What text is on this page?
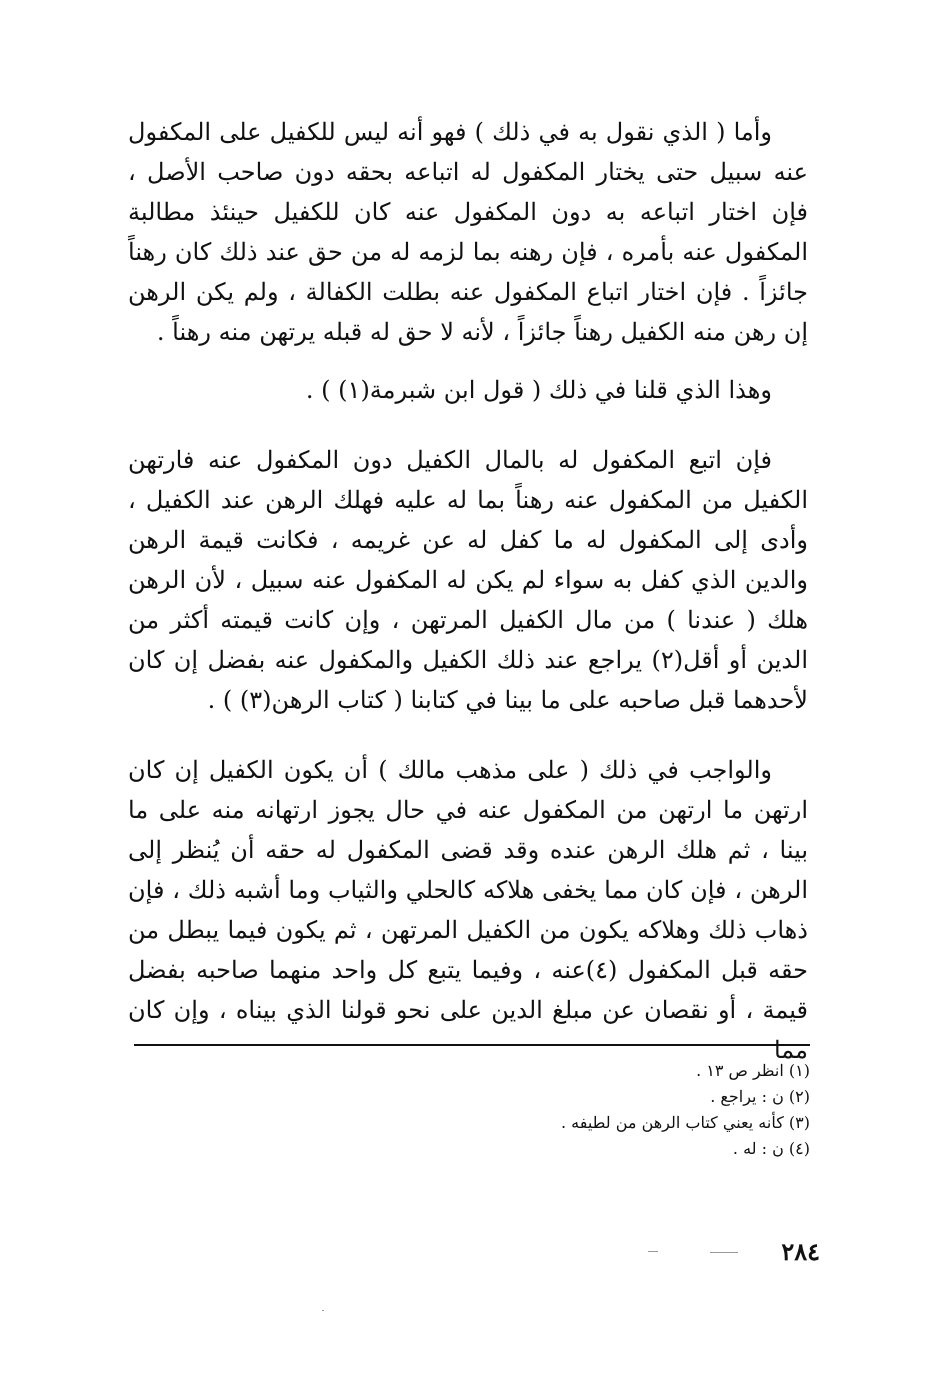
وأما ( الذي نقول به في ذلك ) فهو أنه ليس للكفيل على المكفول عنه سبيل حتى يختار المكفول له اتباعه بحقه دون صاحب الأصل ، فإن اختار اتباعه به دون المكفول عنه كان للكفيل حينئذ مطالبة المكفول عنه بأمره ، فإن رهنه بما لزمه له من حق عند ذلك كان رهناً جائزاً . فإن اختار اتباع المكفول عنه بطلت الكفالة ، ولم يكن الرهن إن رهن منه الكفيل رهناً جائزاً ، لأنه لا حق له قبله يرتهن منه رهناً .

وهذا الذي قلنا في ذلك ( قول ابن شبرمة(١) ) .

فإن اتبع المكفول له بالمال الكفيل دون المكفول عنه فارتهن الكفيل من المكفول عنه رهناً بما له عليه فهلك الرهن عند الكفيل ، وأدى إلى المكفول له ما كفل له عن غريمه ، فكانت قيمة الرهن والدين الذي كفل به سواء لم يكن له المكفول عنه سبيل ، لأن الرهن هلك ( عندنا ) من مال الكفيل المرتهن ، وإن كانت قيمته أكثر من الدين أو أقل(٢) يراجع عند ذلك الكفيل والمكفول عنه بفضل إن كان لأحدهما قبل صاحبه على ما بينا في كتابنا ( كتاب الرهن(٣) ) .

والواجب في ذلك ( على مذهب مالك ) أن يكون الكفيل إن كان ارتهن ما ارتهن من المكفول عنه في حال يجوز ارتهانه منه على ما بينا ، ثم هلك الرهن عنده وقد قضى المكفول له حقه أن يُنظر إلى الرهن ، فإن كان مما يخفى هلاكه كالحلي والثياب وما أشبه ذلك ، فإن ذهاب ذلك وهلاكه يكون من الكفيل المرتهن ، ثم يكون فيما يبطل من حقه قبل المكفول (٤)عنه ، وفيما يتبع كل واحد منهما صاحبه بفضل قيمة ، أو نقصان عن مبلغ الدين على نحو قولنا الذي بيناه ، وإن كان مما

(١) انظر ص ١٣ .

(٢) ن : يراجع .

(٣) كأنه يعني كتاب الرهن من لطيفه .

(٤) ن : له .

٢٨٤
